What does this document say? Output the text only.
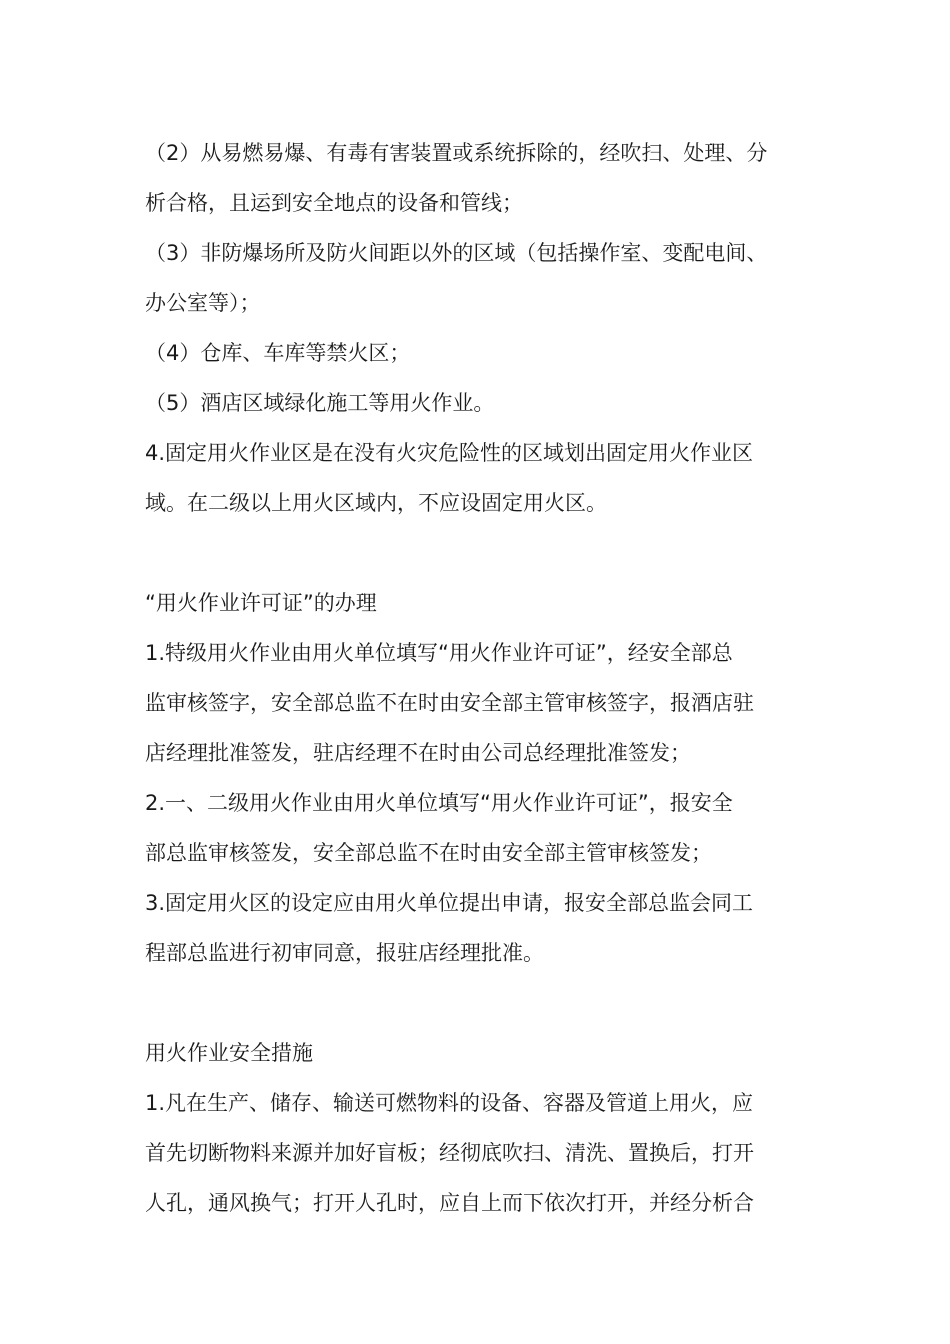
（2）从易燃易爆、有毒有害装置或系统拆除的，经吹扫、处理、分
析合格，且运到安全地点的设备和管线；
（3）非防爆场所及防火间距以外的区域（包括操作室、变配电间、
办公室等）；
（4）仓库、车库等禁火区；
（5）酒店区域绿化施工等用火作业。
4.固定用火作业区是在没有火灾危险性的区域划出固定用火作业区
域。在二级以上用火区域内，不应设固定用火区。
“用火作业许可证”的办理
1.特级用火作业由用火单位填写“用火作业许可证”，经安全部总
监审核签字，安全部总监不在时由安全部主管审核签字，报酒店驻
店经理批准签发，驻店经理不在时由公司总经理批准签发；
2.一、二级用火作业由用火单位填写“用火作业许可证”，报安全
部总监审核签发，安全部总监不在时由安全部主管审核签发；
3.固定用火区的设定应由用火单位提出申请，报安全部总监会同工
程部总监进行初审同意，报驻店经理批准。
用火作业安全措施
1.凡在生产、储存、输送可燃物料的设备、容器及管道上用火，应
首先切断物料来源并加好盲板；经彻底吹扫、清洗、置换后，打开
人孔，通风换气；打开人孔时，应自上而下依次打开，并经分析合
